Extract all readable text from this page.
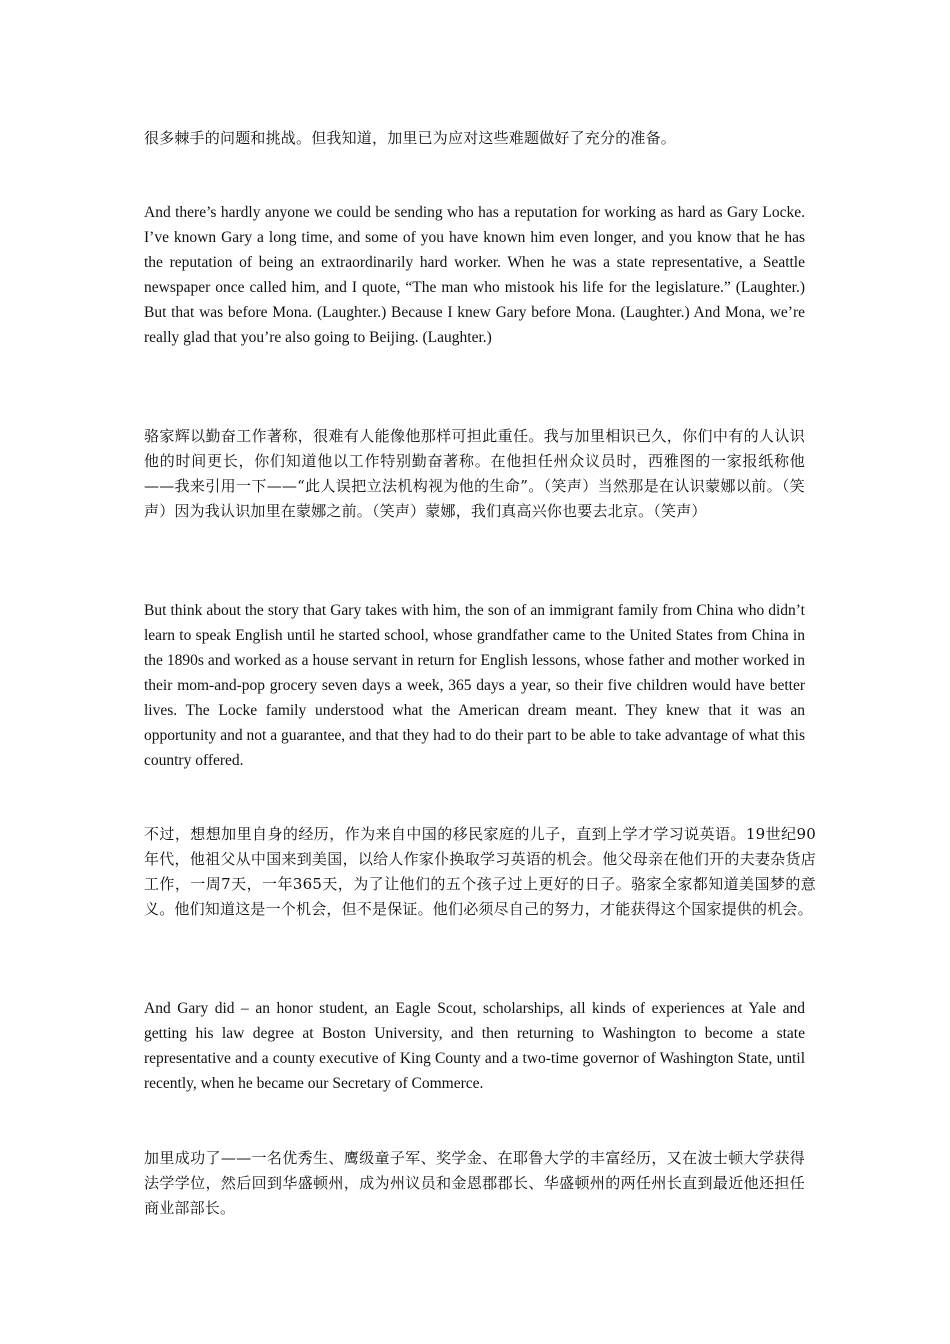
很多棘手的问题和挑战。但我知道，加里已为应对这些难题做好了充分的准备。

And there’s hardly anyone we could be sending who has a reputation for working as hard as Gary Locke. I’ve known Gary a long time, and some of you have known him even longer, and you know that he has the reputation of being an extraordinarily hard worker. When he was a state representative, a Seattle newspaper once called him, and I quote, “The man who mistook his life for the legislature.” (Laughter.) But that was before Mona. (Laughter.) Because I knew Gary before Mona. (Laughter.) And Mona, we’re really glad that you’re also going to Beijing. (Laughter.)

骆家辉以勤奋工作著称，很难有人能像他那样可担此重任。我与加里相识已久，你们中有的人认识他的时间更长，你们知道他以工作特别勤奋著称。在他担任州众议员时，西雅图的一家报纸称他——我来引用一下——“此人误把立法机构视为他的生命”。（笑声）当然那是在认识蒙娜以前。（笑声）因为我认识加里在蒙娜之前。（笑声）蒙娜，我们真高兴你也要去北京。（笑声）

But think about the story that Gary takes with him, the son of an immigrant family from China who didn’t learn to speak English until he started school, whose grandfather came to the United States from China in the 1890s and worked as a house servant in return for English lessons, whose father and mother worked in their mom-and-pop grocery seven days a week, 365 days a year, so their five children would have better lives. The Locke family understood what the American dream meant. They knew that it was an opportunity and not a guarantee, and that they had to do their part to be able to take advantage of what this country offered.

不过，想想加里自身的经历，作为来自中国的移民家庭的儿子，直到上学才学习说英语。19世纪90年代，他祖父从中国来到美国，以给人作家仆换取学习英语的机会。他父母亲在他们开的夫妻杂货店工作，一周7天，一年365天，为了让他们的五个孩子过上更好的日子。骆家全家都知道美国梦的意义。他们知道这是一个机会，但不是保证。他们必须尽自己的努力，才能获得这个国家提供的机会。

And Gary did – an honor student, an Eagle Scout, scholarships, all kinds of experiences at Yale and getting his law degree at Boston University, and then returning to Washington to become a state representative and a county executive of King County and a two-time governor of Washington State, until recently, when he became our Secretary of Commerce.

加里成功了——一名优秀生、鹰级童子军、奖学金、在耶鲁大学的丰富经历，又在波士顿大学获得法学学位，然后回到华盛顿州，成为州议员和金恩郡郡长、华盛顿州的两任州长直到最近他还担任商业部部长。
